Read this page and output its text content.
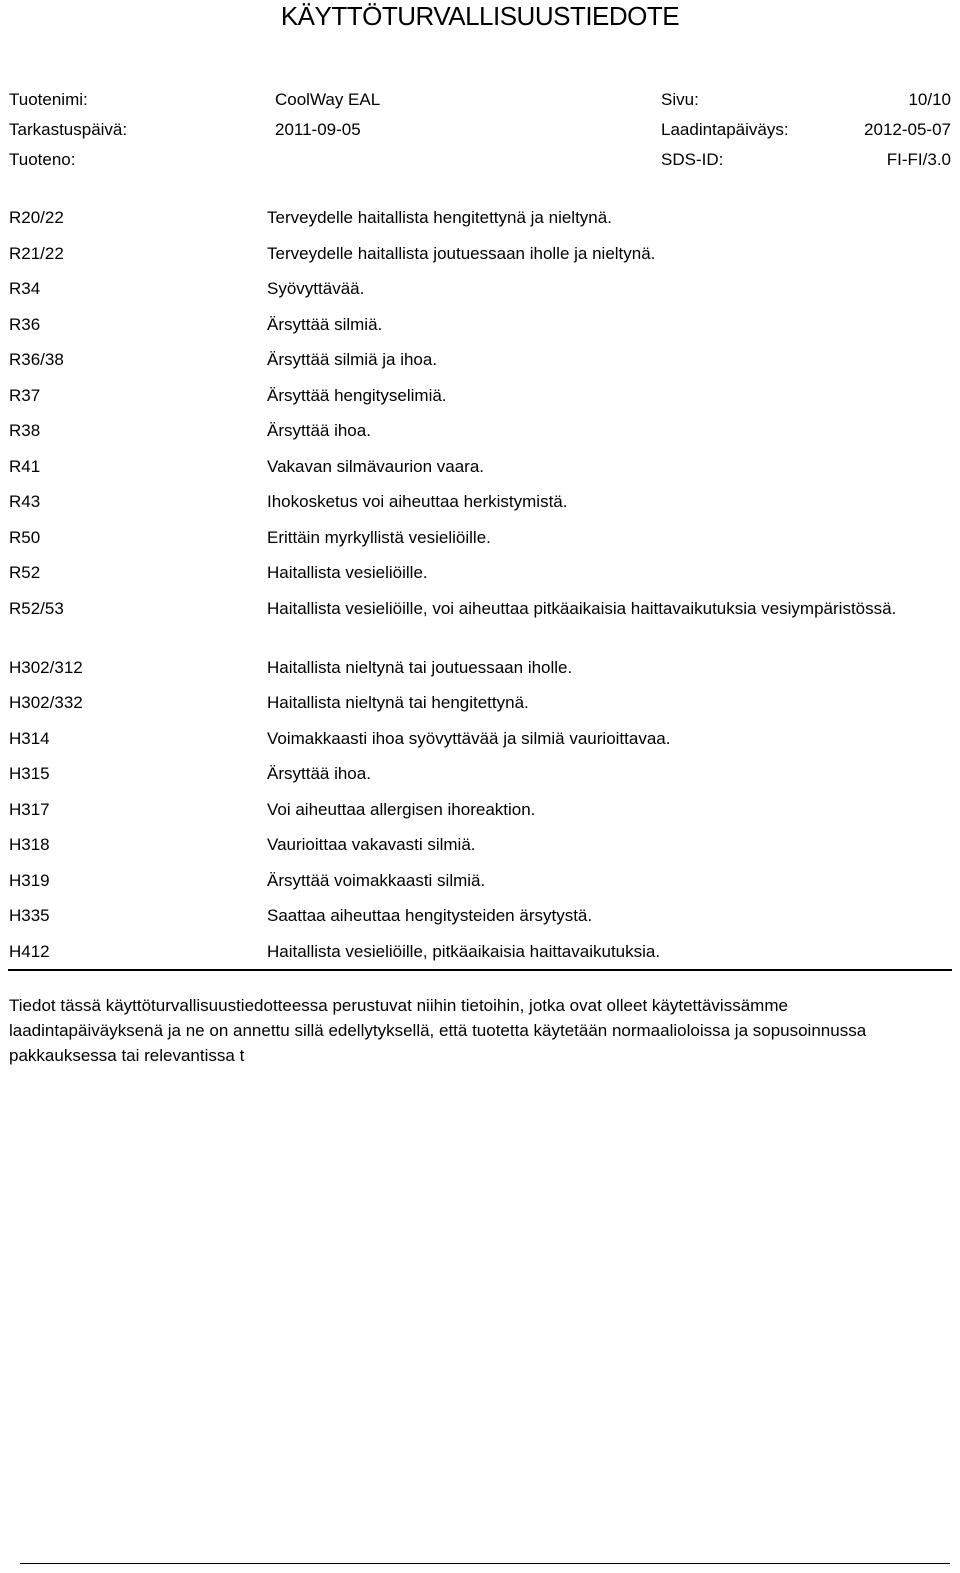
KÄYTTÖTURVALLISUUSTIEDOTE
Tuotenimi:	CoolWay EAL	Sivu:	10/10
Tarkastuspäivä:	2011-09-05	Laadintapäiväys:	2012-05-07
Tuoteno:	SDS-ID:	FI-FI/3.0
R20/22	Terveydelle haitallista hengitettynä ja nieltynä.
R21/22	Terveydelle haitallista joutuessaan iholle ja nieltynä.
R34	Syövyttävää.
R36	Ärsyttää silmiä.
R36/38	Ärsyttää silmiä ja ihoa.
R37	Ärsyttää hengityselimiä.
R38	Ärsyttää ihoa.
R41	Vakavan silmävaurion vaara.
R43	Ihokosketus voi aiheuttaa herkistymistä.
R50	Erittäin myrkyllistä vesieliöille.
R52	Haitallista vesieliöille.
R52/53	Haitallista vesieliöille, voi aiheuttaa pitkäaikaisia haittavaikutuksia vesiympäristössä.
H302/312	Haitallista nieltynä tai joutuessaan iholle.
H302/332	Haitallista nieltynä tai hengitettynä.
H314	Voimakkaasti ihoa syövyttävää ja silmiä vaurioittavaa.
H315	Ärsyttää ihoa.
H317	Voi aiheuttaa allergisen ihoreaktion.
H318	Vaurioittaa vakavasti silmiä.
H319	Ärsyttää voimakkaasti silmiä.
H335	Saattaa aiheuttaa hengitysteiden ärsytystä.
H412	Haitallista vesieliöille, pitkäaikaisia haittavaikutuksia.
Tiedot tässä käyttöturvallisuustiedotteessa perustuvat niihin tietoihin, jotka ovat olleet käytettävissämme laadintapäiväyksenä ja ne on annettu sillä edellytyksellä, että tuotetta käytetään normaalioloissa ja sopusoinnussa pakkauksessa tai relevantissa t
